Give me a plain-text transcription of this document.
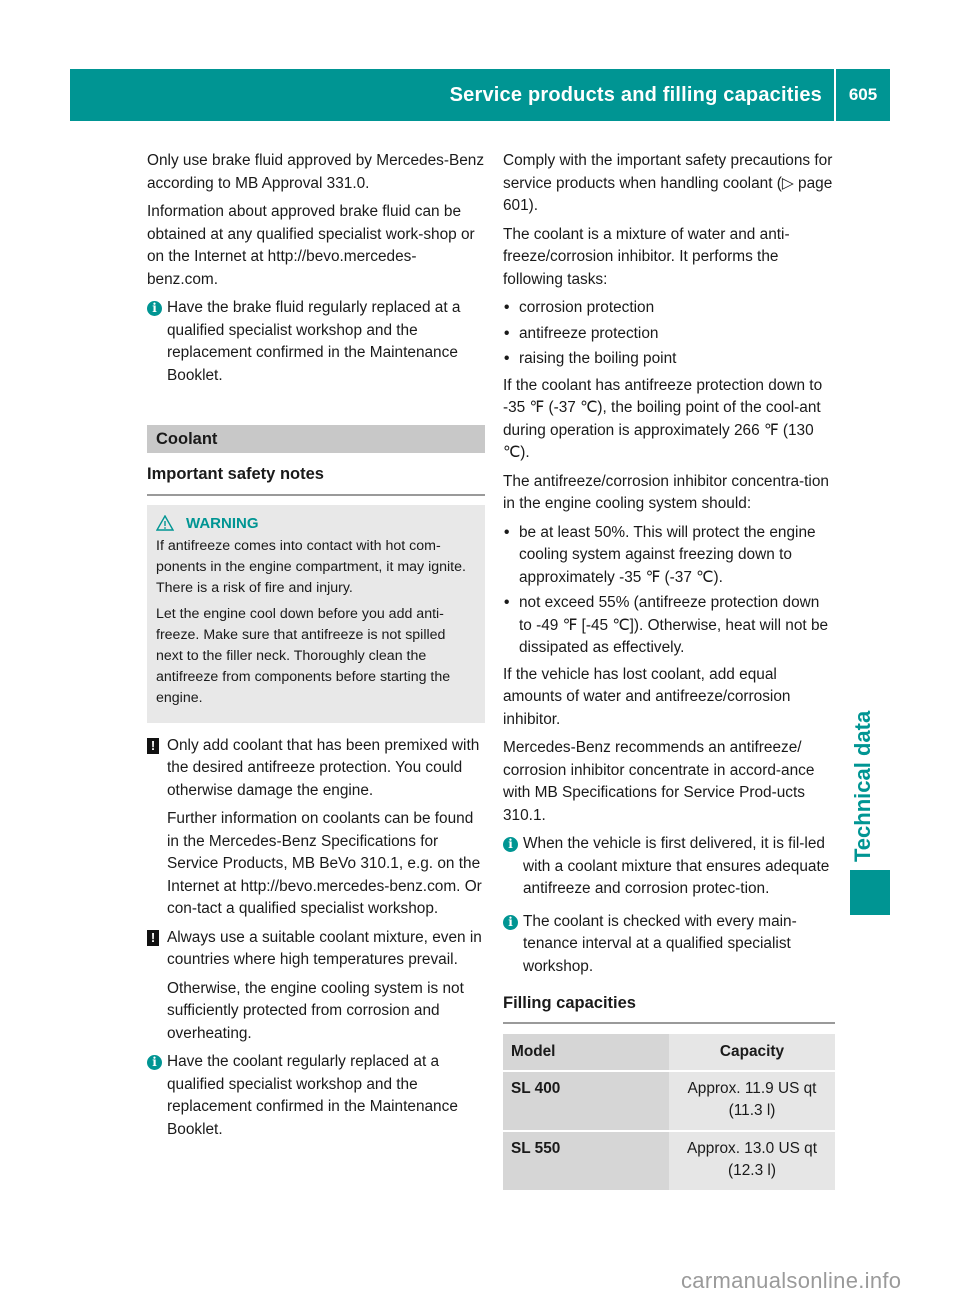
Service products and filling capacities	605

Only use brake fluid approved by Mercedes-Benz according to MB Approval 331.0.

Information about approved brake fluid can be obtained at any qualified specialist work-shop or on the Internet at http://bevo.mercedes-benz.com.

i Have the brake fluid regularly replaced at a qualified specialist workshop and the replacement confirmed in the Maintenance Booklet.
Coolant
Important safety notes
WARNING

If antifreeze comes into contact with hot com-ponents in the engine compartment, it may ignite. There is a risk of fire and injury.

Let the engine cool down before you add anti-freeze. Make sure that antifreeze is not spilled next to the filler neck. Thoroughly clean the antifreeze from components before starting the engine.

! Only add coolant that has been premixed with the desired antifreeze protection. You could otherwise damage the engine.
Further information on coolants can be found in the Mercedes-Benz Specifications for Service Products, MB BeVo 310.1, e.g. on the Internet at http://bevo.mercedes-benz.com. Or con-tact a qualified specialist workshop.
! Always use a suitable coolant mixture, even in countries where high temperatures prevail.
Otherwise, the engine cooling system is not sufficiently protected from corrosion and overheating.
i Have the coolant regularly replaced at a qualified specialist workshop and the replacement confirmed in the Maintenance Booklet.

Comply with the important safety precautions for service products when handling coolant (▷ page 601).

The coolant is a mixture of water and anti-freeze/corrosion inhibitor. It performs the following tasks:

• corrosion protection
• antifreeze protection
• raising the boiling point

If the coolant has antifreeze protection down to -35 ℉ (-37 ℃), the boiling point of the cool-ant during operation is approximately 266 ℉ (130 ℃).

The antifreeze/corrosion inhibitor concentra-tion in the engine cooling system should:

• be at least 50%. This will protect the engine cooling system against freezing down to approximately -35 ℉ (-37 ℃).
• not exceed 55% (antifreeze protection down to -49 ℉ [-45 ℃]). Otherwise, heat will not be dissipated as effectively.

If the vehicle has lost coolant, add equal amounts of water and antifreeze/corrosion inhibitor.

Mercedes-Benz recommends an antifreeze/ corrosion inhibitor concentrate in accord-ance with MB Specifications for Service Prod-ucts 310.1.

i When the vehicle is first delivered, it is fil-led with a coolant mixture that ensures adequate antifreeze and corrosion protec-tion.
i The coolant is checked with every main-tenance interval at a qualified specialist workshop.
Filling capacities
Model	Capacity
SL 400	Approx. 11.9 US qt
(11.3 l)
SL 550	Approx. 13.0 US qt
(12.3 l)
Technical data
carmanualsonline.info
